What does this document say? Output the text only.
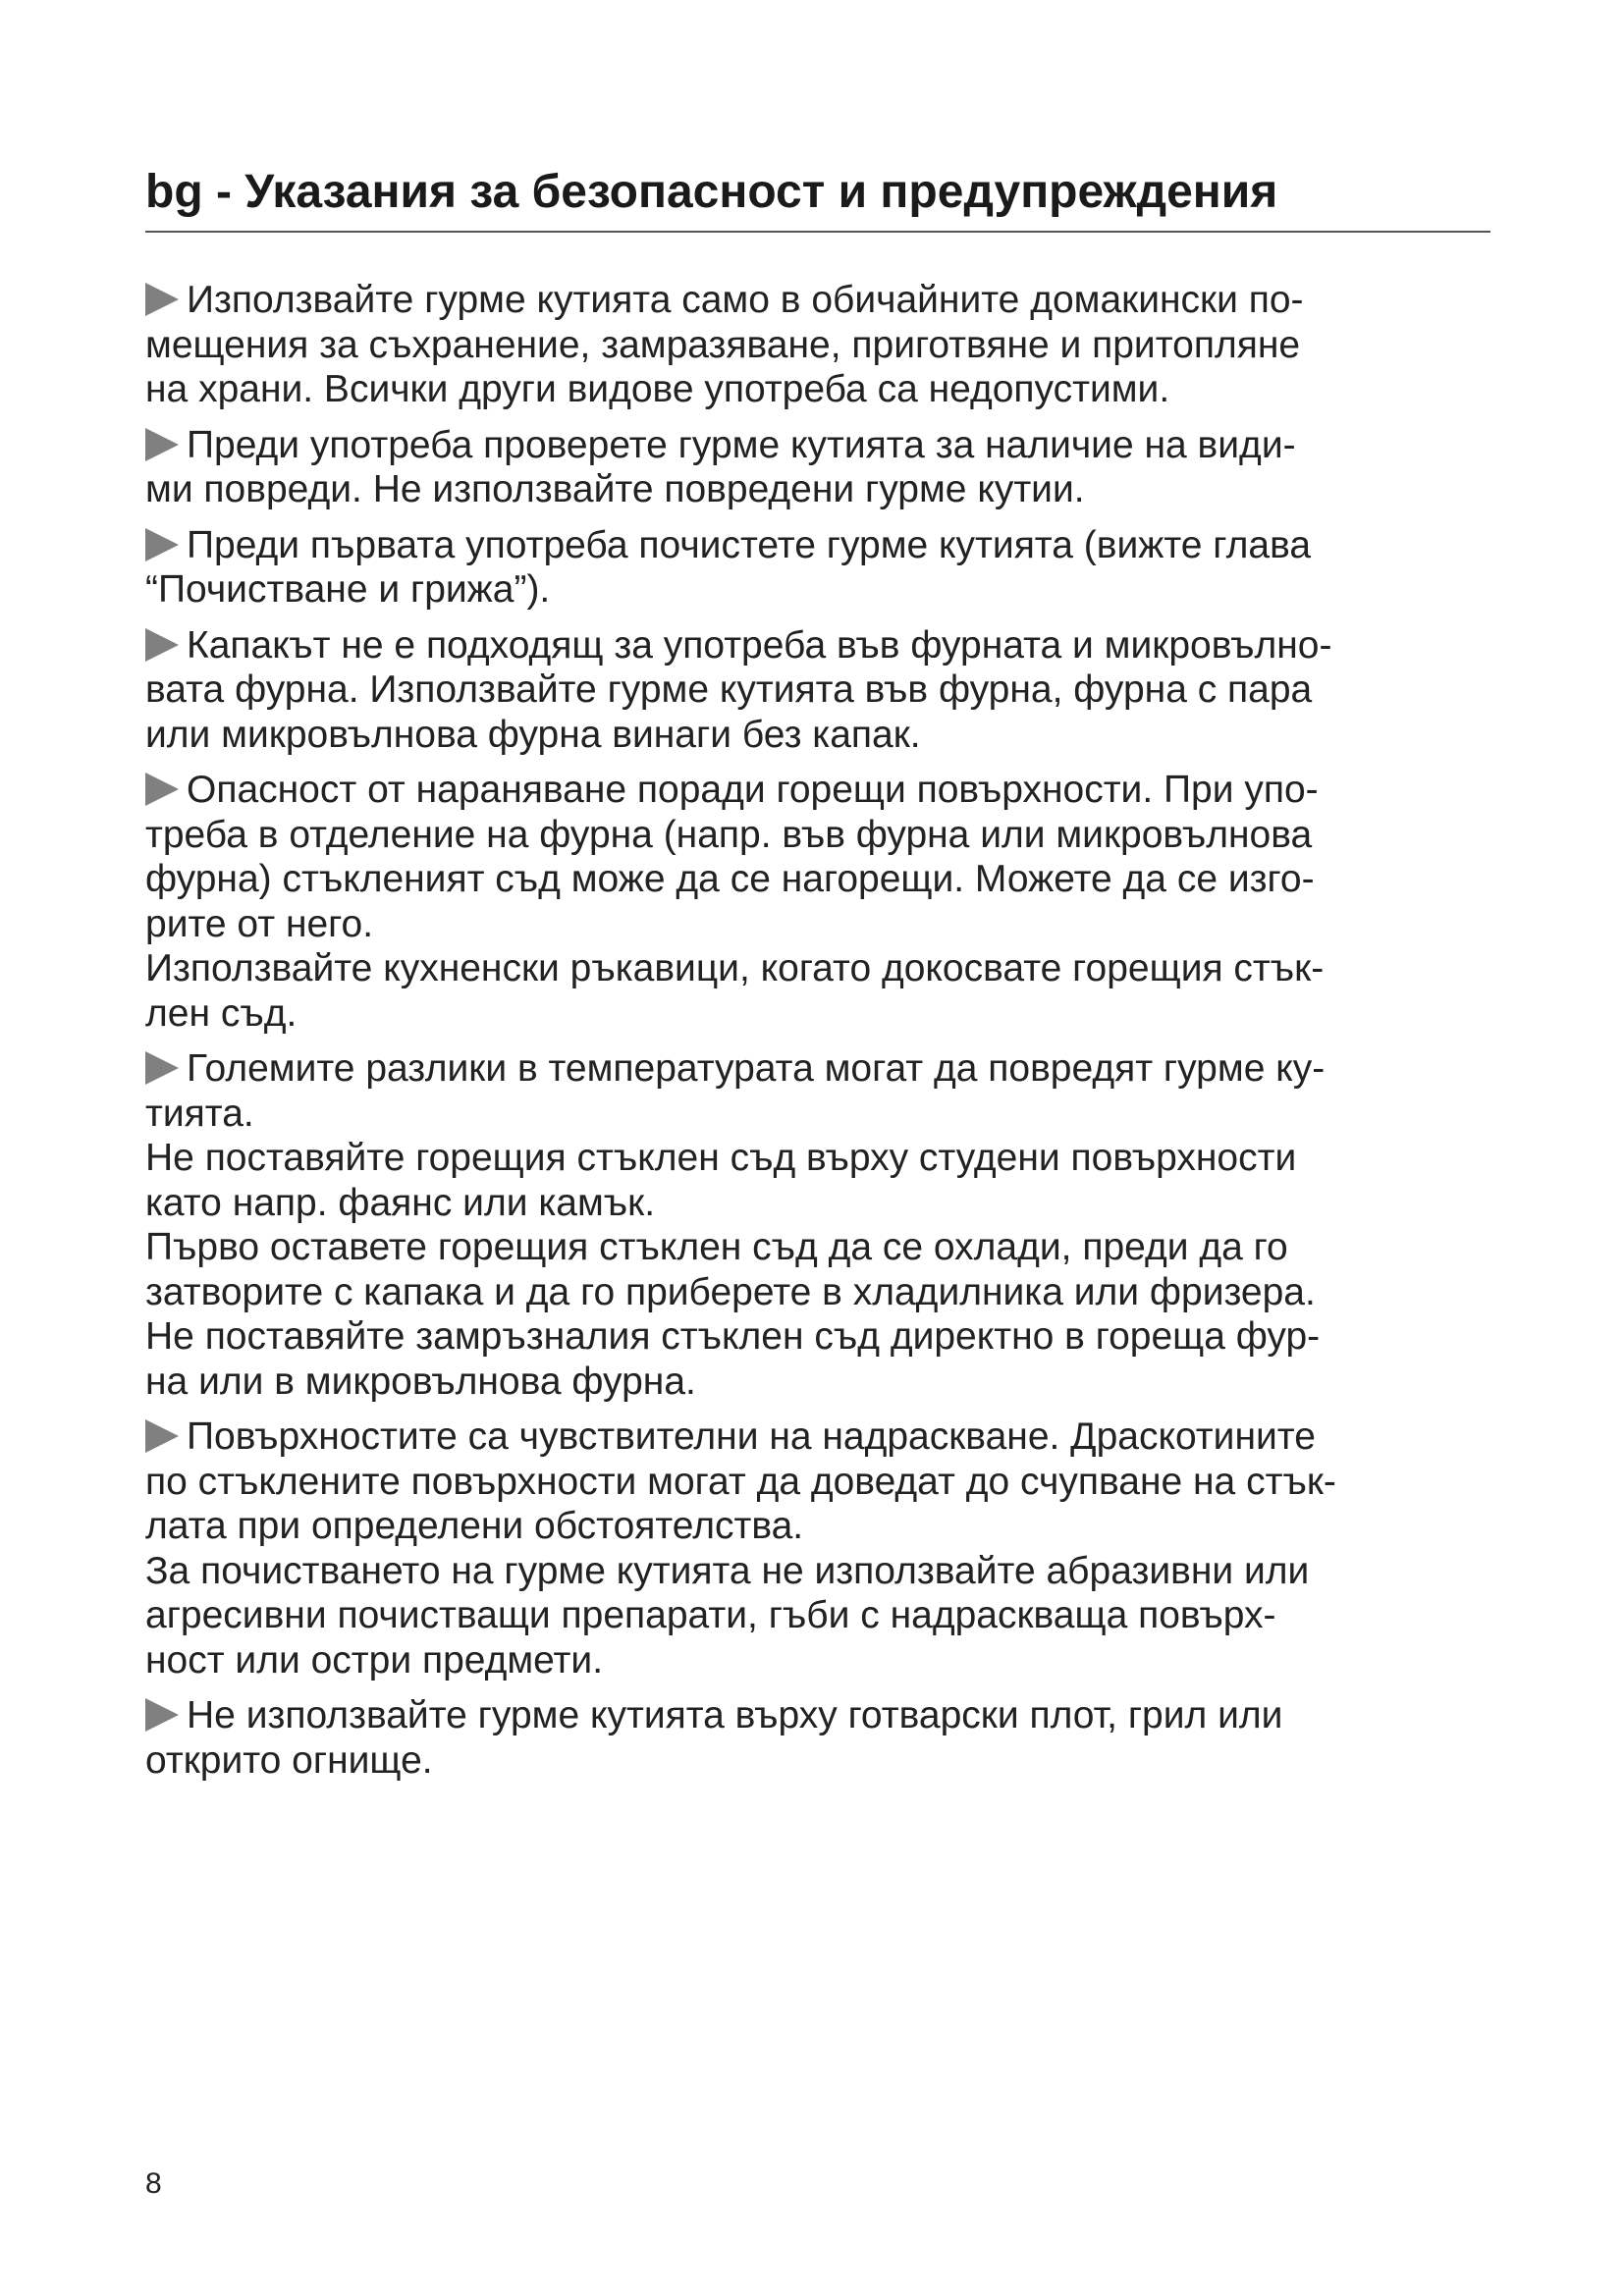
bg - Указания за безопасност и предупреждения
Използвайте гурме кутията само в обичайните домакински по-
мещения за съхранение, замразяване, приготвяне и притопляне
на храни. Всички други видове употреба са недопустими.
Преди употреба проверете гурме кутията за наличие на види-
ми повреди. Не използвайте повредени гурме кутии.
Преди първата употреба почистете гурме кутията (вижте глава
“Почистване и грижа”).
Капакът не е подходящ за употреба във фурната и микровълно-
вата фурна. Използвайте гурме кутията във фурна, фурна с пара
или микровълнова фурна винаги без капак.
Опасност от нараняване поради горещи повърхности. При упо-
треба в отделение на фурна (напр. във фурна или микровълнова
фурна) стъкленият съд може да се нагорещи. Можете да се изго-
рите от него.
Използвайте кухненски ръкавици, когато докосвате горещия стък-
лен съд.
Големите разлики в температурата могат да повредят гурме ку-
тията.
Не поставяйте горещия стъклен съд върху студени повърхности
като напр. фаянс или камък.
Първо оставете горещия стъклен съд да се охлади, преди да го
затворите с капака и да го приберете в хладилника или фризера.
Не поставяйте замръзналия стъклен съд директно в гореща фур-
на или в микровълнова фурна.
Повърхностите са чувствителни на надраскване. Драскотините
по стъклените повърхности могат да доведат до счупване на стък-
лата при определени обстоятелства.
За почистването на гурме кутията не използвайте абразивни или
агресивни почистващи препарати, гъби с надраскваща повърх-
ност или остри предмети.
Не използвайте гурме кутията върху готварски плот, грил или
открито огнище.
8
